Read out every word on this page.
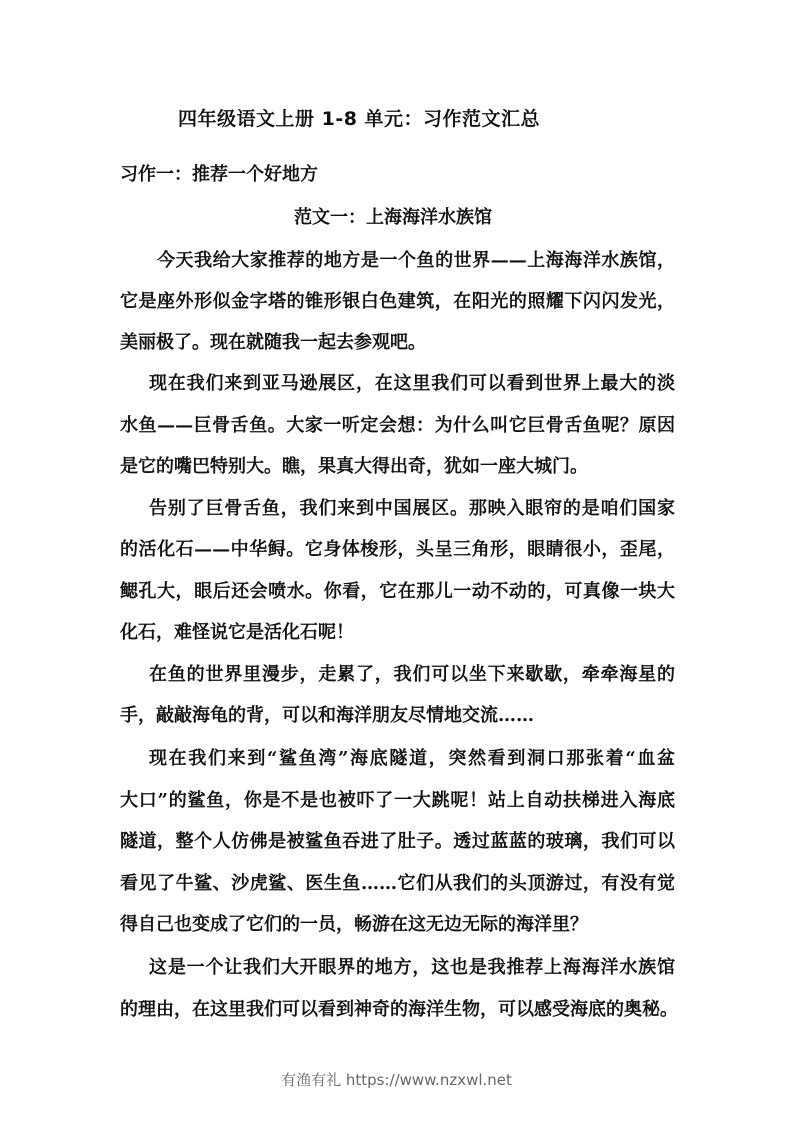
四年级语文上册 1-8 单元：习作范文汇总
习作一：推荐一个好地方
范文一：上海海洋水族馆
今天我给大家推荐的地方是一个鱼的世界——上海海洋水族馆，
它是座外形似金字塔的锥形银白色建筑，在阳光的照耀下闪闪发光，
美丽极了。现在就随我一起去参观吧。
现在我们来到亚马逊展区，在这里我们可以看到世界上最大的淡
水鱼——巨骨舌鱼。大家一听定会想：为什么叫它巨骨舌鱼呢？原因
是它的嘴巴特别大。瞧，果真大得出奇，犹如一座大城门。
告别了巨骨舌鱼，我们来到中国展区。那映入眼帘的是咱们国家
的活化石——中华鲟。它身体梭形，头呈三角形，眼睛很小，歪尾，
鳃孔大，眼后还会喷水。你看，它在那儿一动不动的，可真像一块大
化石，难怪说它是活化石呢！
在鱼的世界里漫步，走累了，我们可以坐下来歇歇，牵牵海星的
手，敲敲海龟的背，可以和海洋朋友尽情地交流……
现在我们来到“鲨鱼湾”海底隧道，突然看到洞口那张着“血盆
大口”的鲨鱼，你是不是也被吓了一大跳呢！站上自动扶梯进入海底
隧道，整个人仿佛是被鲨鱼吞进了肚子。透过蓝蓝的玻璃，我们可以
看见了牛鲨、沙虎鲨、医生鱼……它们从我们的头顶游过，有没有觉
得自己也变成了它们的一员，畅游在这无边无际的海洋里？
这是一个让我们大开眼界的地方，这也是我推荐上海海洋水族馆
的理由，在这里我们可以看到神奇的海洋生物，可以感受海底的奥秘。
有渔有礼 https://www.nzxwl.net
